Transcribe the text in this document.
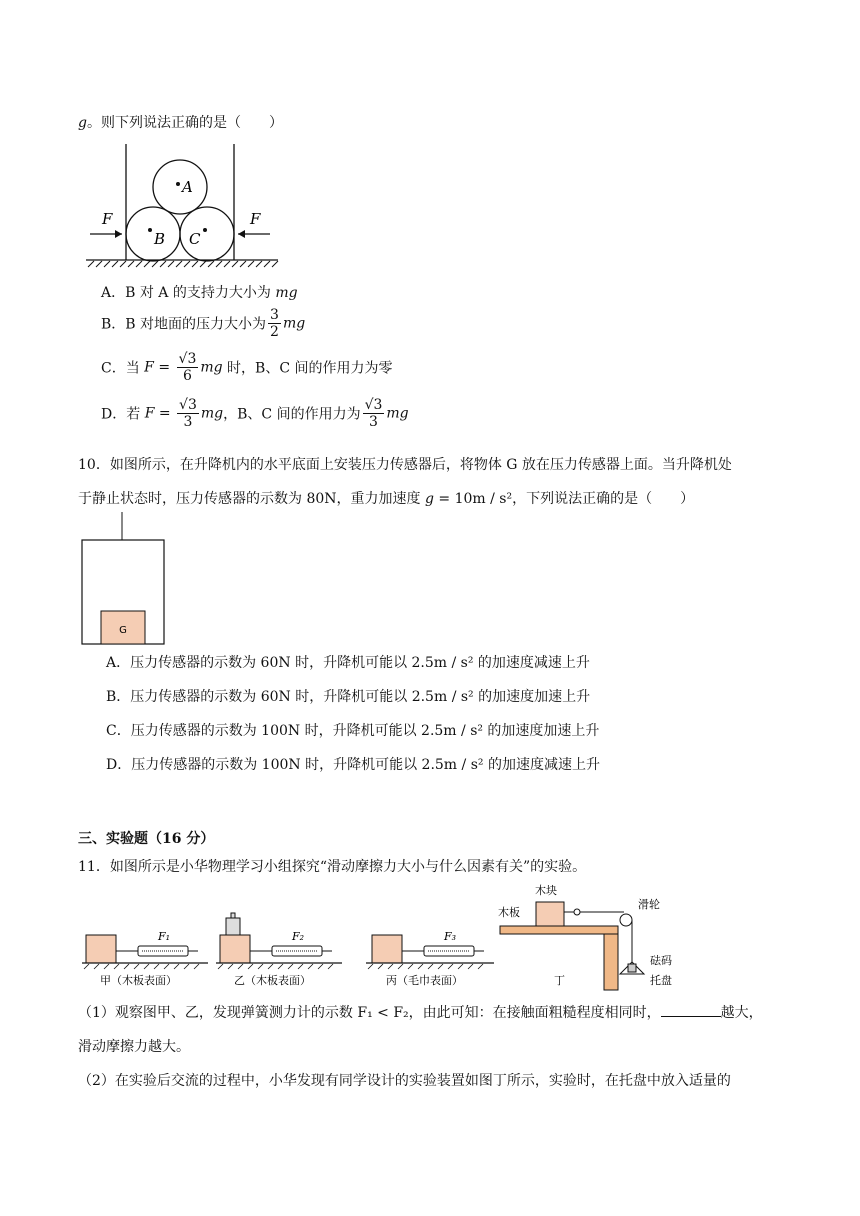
g。则下列说法正确的是（　　）
A
B C
F	F
A．B 对 A 的支持力大小为 mg
B．B 对地面的压力大小为 $\frac{3}{2}$ mg
C．当 $F = \frac{√3}{6}$ mg 时，B、C 间的作用力为零
D．若 $F = \frac{√3}{3}$ mg，B、C 间的作用力为 $\frac{√3}{3}$ mg
10．如图所示，在升降机内的水平底面上安装压力传感器后，将物体 G 放在压力传感器上面。当升降机处
于静止状态时，压力传感器的示数为 80N，重力加速度 g = 10m / s²，下列说法正确的是（　　）
G
A．压力传感器的示数为 60N 时，升降机可能以 2.5m / s² 的加速度减速上升
B．压力传感器的示数为 60N 时，升降机可能以 2.5m / s² 的加速度加速上升
C．压力传感器的示数为 100N 时，升降机可能以 2.5m / s² 的加速度加速上升
D．压力传感器的示数为 100N 时，升降机可能以 2.5m / s² 的加速度减速上升
三、实验题（16 分）
11．如图所示是小华物理学习小组探究“滑动摩擦力大小与什么因素有关”的实验。
F₁
甲（木板表面）
F₂
乙（木板表面）
F₃
丙（毛巾表面）
木块
木板
滑轮
砝码
托盘
丁
（1）观察图甲、乙，发现弹簧测力计的示数 F₁ < F₂，由此可知：在接触面粗糙程度相同时，	越大，
滑动摩擦力越大。
（2）在实验后交流的过程中，小华发现有同学设计的实验装置如图丁所示，实验时，在托盘中放入适量的
